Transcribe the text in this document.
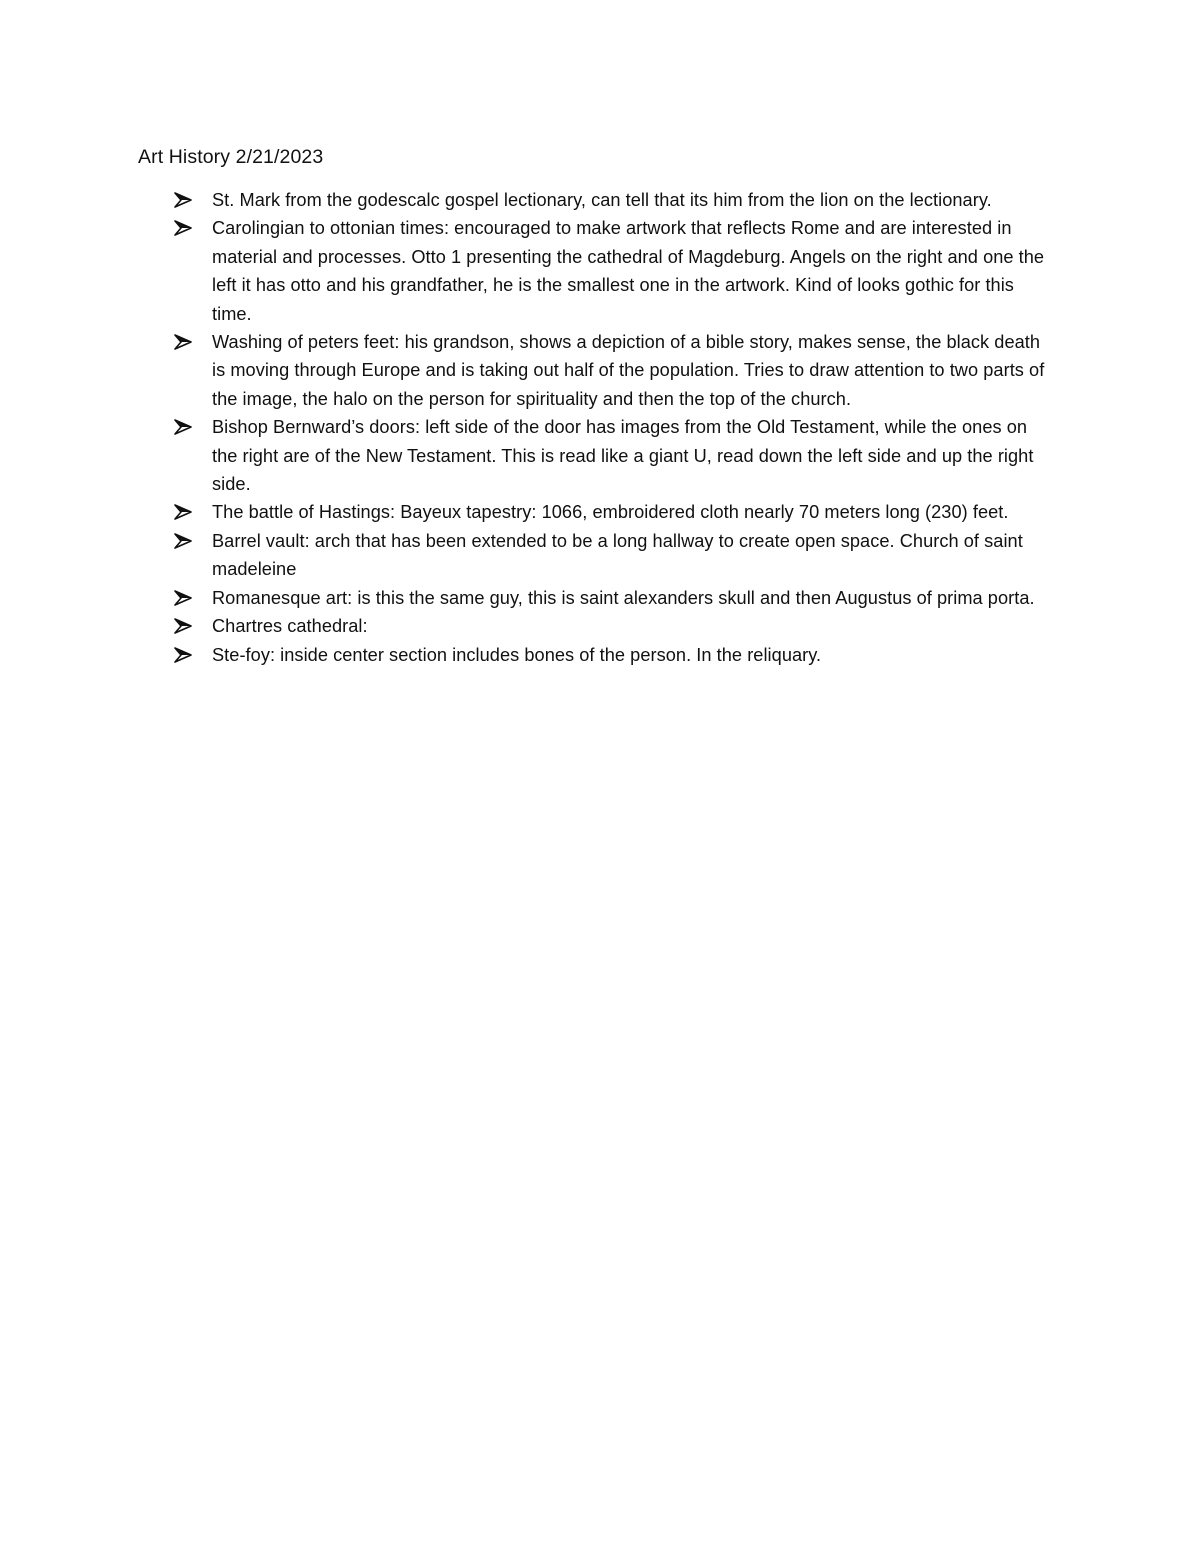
Art History 2/21/2023
St. Mark from the godescalc gospel lectionary, can tell that its him from the lion on the lectionary.
Carolingian to ottonian times: encouraged to make artwork that reflects Rome and are interested in material and processes. Otto 1 presenting the cathedral of Magdeburg. Angels on the right and one the left it has otto and his grandfather, he is the smallest one in the artwork. Kind of looks gothic for this time.
Washing of peters feet: his grandson, shows a depiction of a bible story, makes sense, the black death is moving through Europe and is taking out half of the population. Tries to draw attention to two parts of the image, the halo on the person for spirituality and then the top of the church.
Bishop Bernward’s doors: left side of the door has images from the Old Testament, while the ones on the right are of the New Testament. This is read like a giant U, read down the left side and up the right side.
The battle of Hastings: Bayeux tapestry: 1066, embroidered cloth nearly 70 meters long (230) feet.
Barrel vault: arch that has been extended to be a long hallway to create open space. Church of saint madeleine
Romanesque art: is this the same guy, this is saint alexanders skull and then Augustus of prima porta.
Chartres cathedral:
Ste-foy: inside center section includes bones of the person. In the reliquary.
